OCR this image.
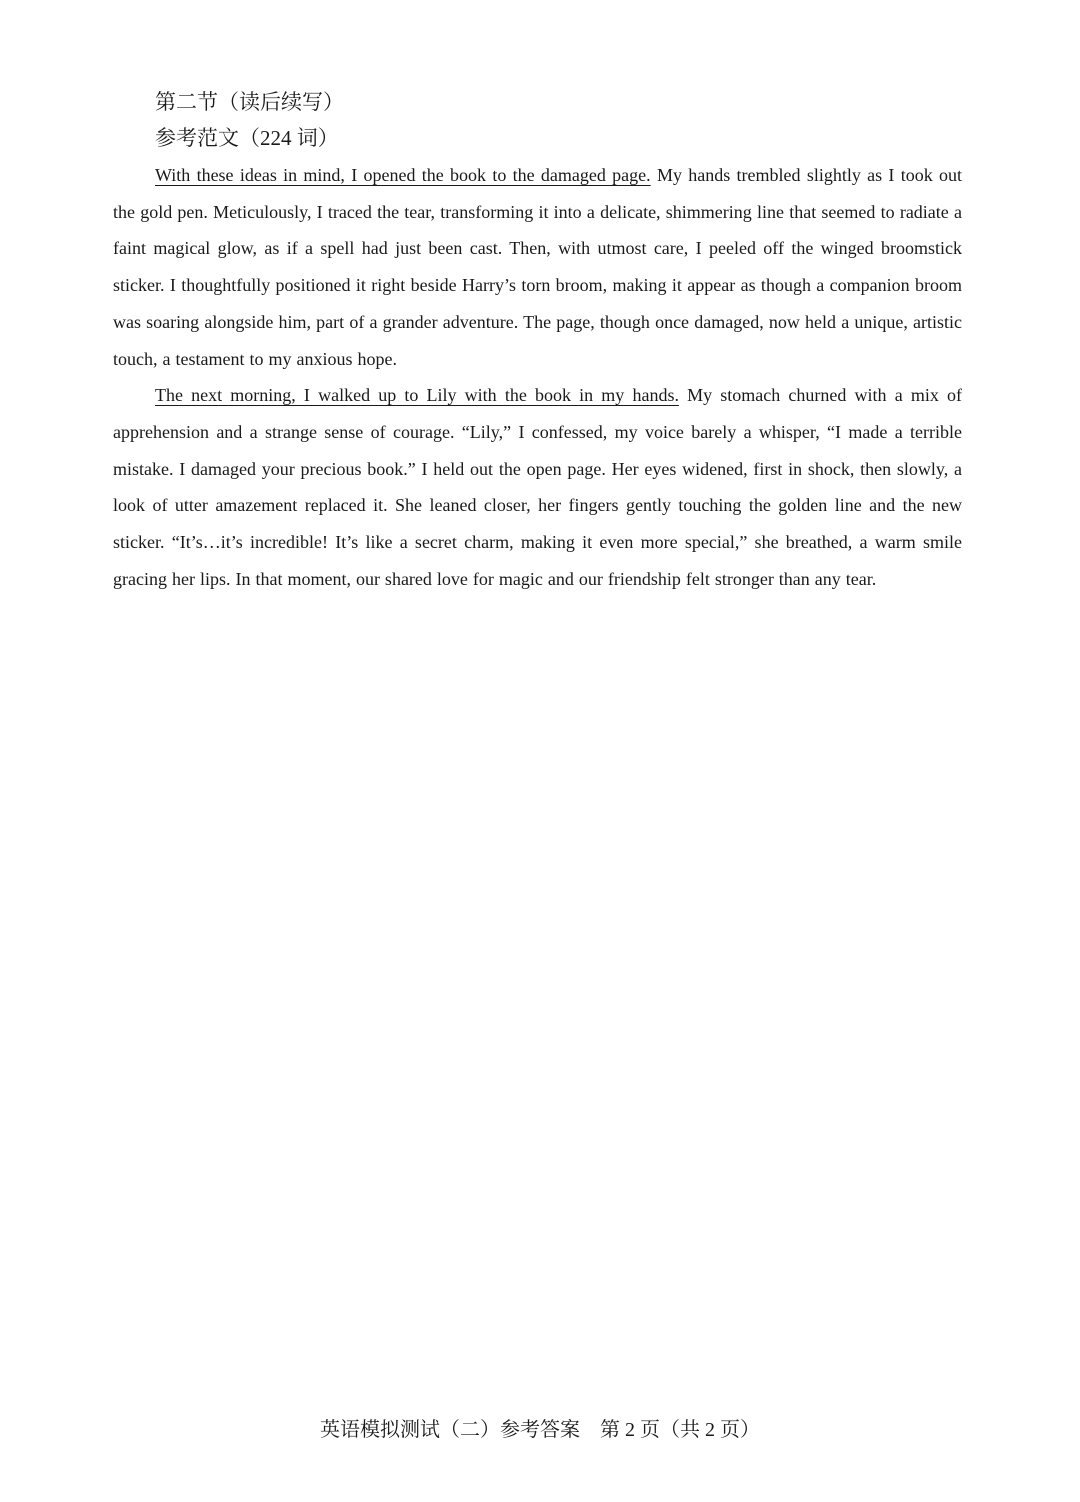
第二节（读后续写）
参考范文（224 词）

With these ideas in mind, I opened the book to the damaged page. My hands trembled slightly as I took out the gold pen. Meticulously, I traced the tear, transforming it into a delicate, shimmering line that seemed to radiate a faint magical glow, as if a spell had just been cast. Then, with utmost care, I peeled off the winged broomstick sticker. I thoughtfully positioned it right beside Harry’s torn broom, making it appear as though a companion broom was soaring alongside him, part of a grander adventure. The page, though once damaged, now held a unique, artistic touch, a testament to my anxious hope.

The next morning, I walked up to Lily with the book in my hands. My stomach churned with a mix of apprehension and a strange sense of courage. “Lily,” I confessed, my voice barely a whisper, “I made a terrible mistake. I damaged your precious book.” I held out the open page. Her eyes widened, first in shock, then slowly, a look of utter amazement replaced it. She leaned closer, her fingers gently touching the golden line and the new sticker. “It’s…it’s incredible! It’s like a secret charm, making it even more special,” she breathed, a warm smile gracing her lips. In that moment, our shared love for magic and our friendship felt stronger than any tear.

英语模拟测试（二）参考答案　第 2 页（共 2 页）
